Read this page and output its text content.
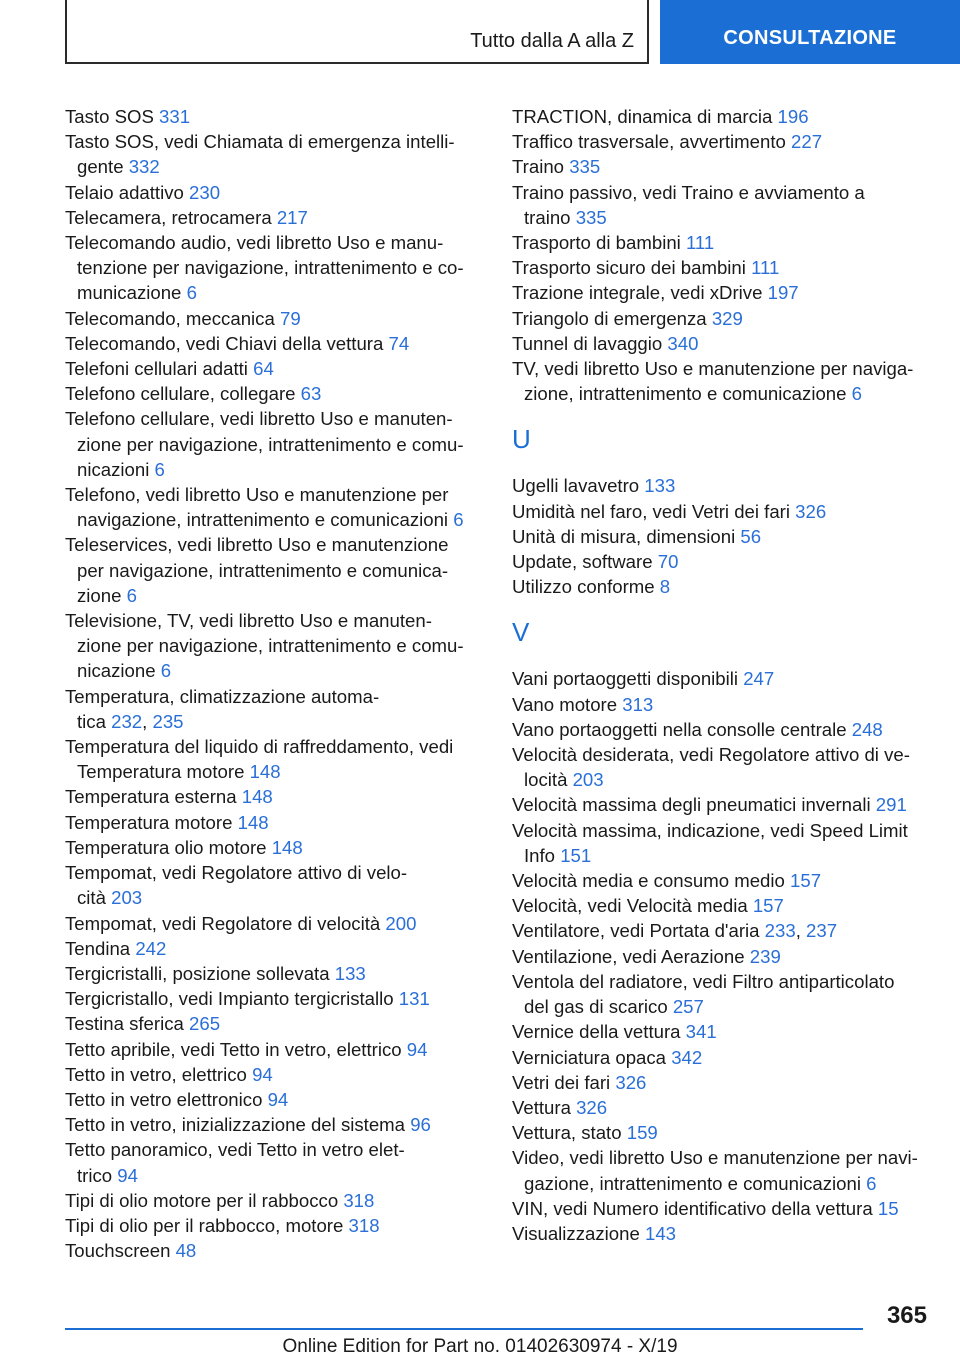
Tutto dalla A alla Z	CONSULTAZIONE
Tasto SOS 331
Tasto SOS, vedi Chiamata di emergenza intelli-
gente 332
Telaio adattivo 230
Telecamera, retrocamera 217
Telecomando audio, vedi libretto Uso e manu-
tenzione per navigazione, intrattenimento e co-
municazione 6
Telecomando, meccanica 79
Telecomando, vedi Chiavi della vettura 74
Telefoni cellulari adatti 64
Telefono cellulare, collegare 63
Telefono cellulare, vedi libretto Uso e manuten-
zione per navigazione, intrattenimento e comu-
nicazioni 6
Telefono, vedi libretto Uso e manutenzione per
navigazione, intrattenimento e comunicazioni 6
Teleservices, vedi libretto Uso e manutenzione
per navigazione, intrattenimento e comunica-
zione 6
Televisione, TV, vedi libretto Uso e manuten-
zione per navigazione, intrattenimento e comu-
nicazione 6
Temperatura, climatizzazione automa-
tica 232, 235
Temperatura del liquido di raffreddamento, vedi
Temperatura motore 148
Temperatura esterna 148
Temperatura motore 148
Temperatura olio motore 148
Tempomat, vedi Regolatore attivo di velo-
cità 203
Tempomat, vedi Regolatore di velocità 200
Tendina 242
Tergicristalli, posizione sollevata 133
Tergicristallo, vedi Impianto tergicristallo 131
Testina sferica 265
Tetto apribile, vedi Tetto in vetro, elettrico 94
Tetto in vetro, elettrico 94
Tetto in vetro elettronico 94
Tetto in vetro, inizializzazione del sistema 96
Tetto panoramico, vedi Tetto in vetro elet-
trico 94
Tipi di olio motore per il rabbocco 318
Tipi di olio per il rabbocco, motore 318
Touchscreen 48
TRACTION, dinamica di marcia 196
Traffico trasversale, avvertimento 227
Traino 335
Traino passivo, vedi Traino e avviamento a
traino 335
Trasporto di bambini 111
Trasporto sicuro dei bambini 111
Trazione integrale, vedi xDrive 197
Triangolo di emergenza 329
Tunnel di lavaggio 340
TV, vedi libretto Uso e manutenzione per naviga-
zione, intrattenimento e comunicazione 6
U
Ugelli lavavetro 133
Umidità nel faro, vedi Vetri dei fari 326
Unità di misura, dimensioni 56
Update, software 70
Utilizzo conforme 8
V
Vani portaoggetti disponibili 247
Vano motore 313
Vano portaoggetti nella consolle centrale 248
Velocità desiderata, vedi Regolatore attivo di ve-
locità 203
Velocità massima degli pneumatici invernali 291
Velocità massima, indicazione, vedi Speed Limit
Info 151
Velocità media e consumo medio 157
Velocità, vedi Velocità media 157
Ventilatore, vedi Portata d'aria 233, 237
Ventilazione, vedi Aerazione 239
Ventola del radiatore, vedi Filtro antiparticolato
del gas di scarico 257
Vernice della vettura 341
Verniciatura opaca 342
Vetri dei fari 326
Vettura 326
Vettura, stato 159
Video, vedi libretto Uso e manutenzione per navi-
gazione, intrattenimento e comunicazioni 6
VIN, vedi Numero identificativo della vettura 15
Visualizzazione 143
365
Online Edition for Part no. 01402630974 - X/19
